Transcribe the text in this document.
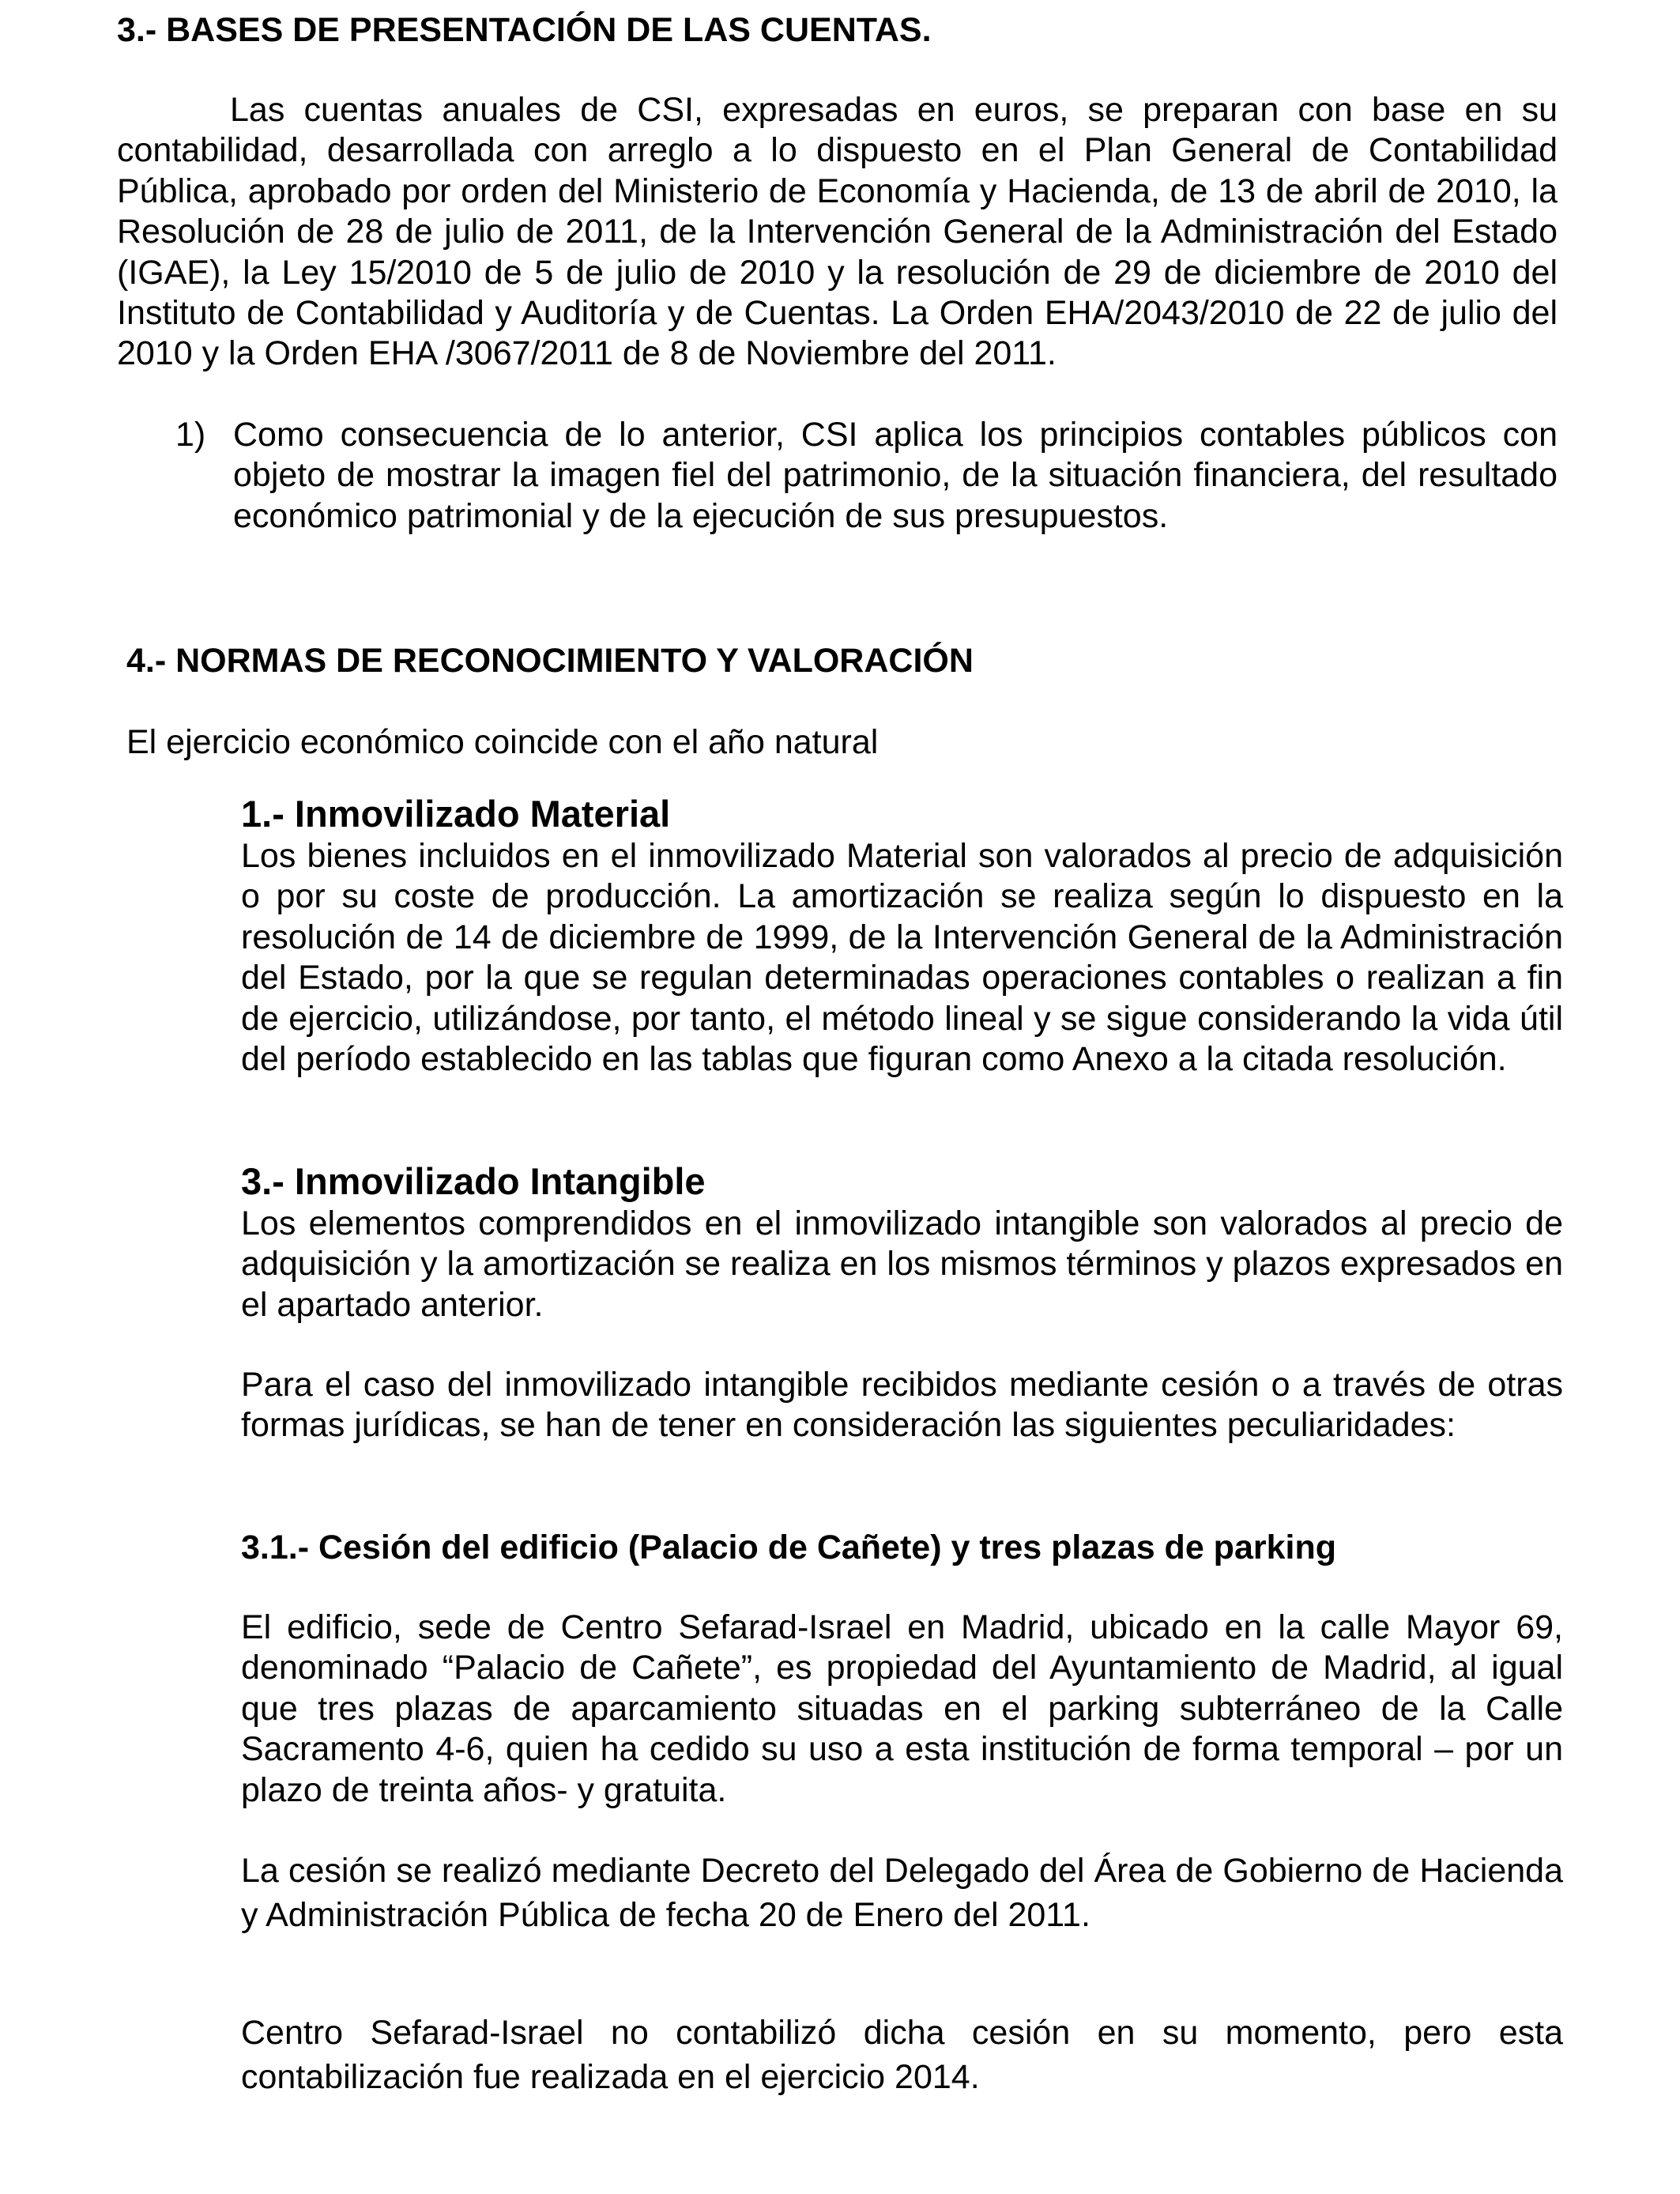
3.- BASES DE PRESENTACIÓN DE LAS CUENTAS.

Las cuentas anuales de CSI, expresadas en euros, se preparan con base en su contabilidad, desarrollada con arreglo a lo dispuesto en el Plan General de Contabilidad Pública, aprobado por orden del Ministerio de Economía y Hacienda, de 13 de abril de 2010, la Resolución de 28 de julio de 2011, de la Intervención General de la Administración del Estado (IGAE), la Ley 15/2010 de 5 de julio de 2010 y la resolución de 29 de diciembre de 2010 del Instituto de Contabilidad y Auditoría y de Cuentas. La Orden EHA/2043/2010 de 22 de julio del 2010 y la Orden EHA /3067/2011 de 8 de Noviembre del 2011.

1) Como consecuencia de lo anterior, CSI aplica los principios contables públicos con objeto de mostrar la imagen fiel del patrimonio, de la situación financiera, del resultado económico patrimonial y de la ejecución de sus presupuestos.

4.- NORMAS DE RECONOCIMIENTO Y VALORACIÓN

El ejercicio económico coincide con el año natural

1.- Inmovilizado Material

Los bienes incluidos en el inmovilizado Material son valorados al precio de adquisición o por su coste de producción. La amortización se realiza según lo dispuesto en la resolución de 14 de diciembre de 1999, de la Intervención General de la Administración del Estado, por la que se regulan determinadas operaciones contables o realizan a fin de ejercicio, utilizándose, por tanto, el método lineal y se sigue considerando la vida útil del período establecido en las tablas que figuran como Anexo a la citada resolución.

3.- Inmovilizado Intangible

Los elementos comprendidos en el inmovilizado intangible son valorados al precio de adquisición y la amortización se realiza en los mismos términos y plazos expresados en el apartado anterior.

Para el caso del inmovilizado intangible recibidos mediante cesión o a través de otras formas jurídicas, se han de tener en consideración las siguientes peculiaridades:

3.1.- Cesión del edificio (Palacio de Cañete) y tres plazas de parking

El edificio, sede de Centro Sefarad-Israel en Madrid, ubicado en la calle Mayor 69, denominado “Palacio de Cañete”, es propiedad del Ayuntamiento de Madrid, al igual que tres plazas de aparcamiento situadas en el parking subterráneo de la Calle Sacramento 4-6, quien ha cedido su uso a esta institución de forma temporal – por un plazo de treinta años- y gratuita.

La cesión se realizó mediante Decreto del Delegado del Área de Gobierno de Hacienda y Administración Pública de fecha 20 de Enero del 2011.

Centro Sefarad-Israel no contabilizó dicha cesión en su momento, pero esta contabilización fue realizada en el ejercicio 2014.
